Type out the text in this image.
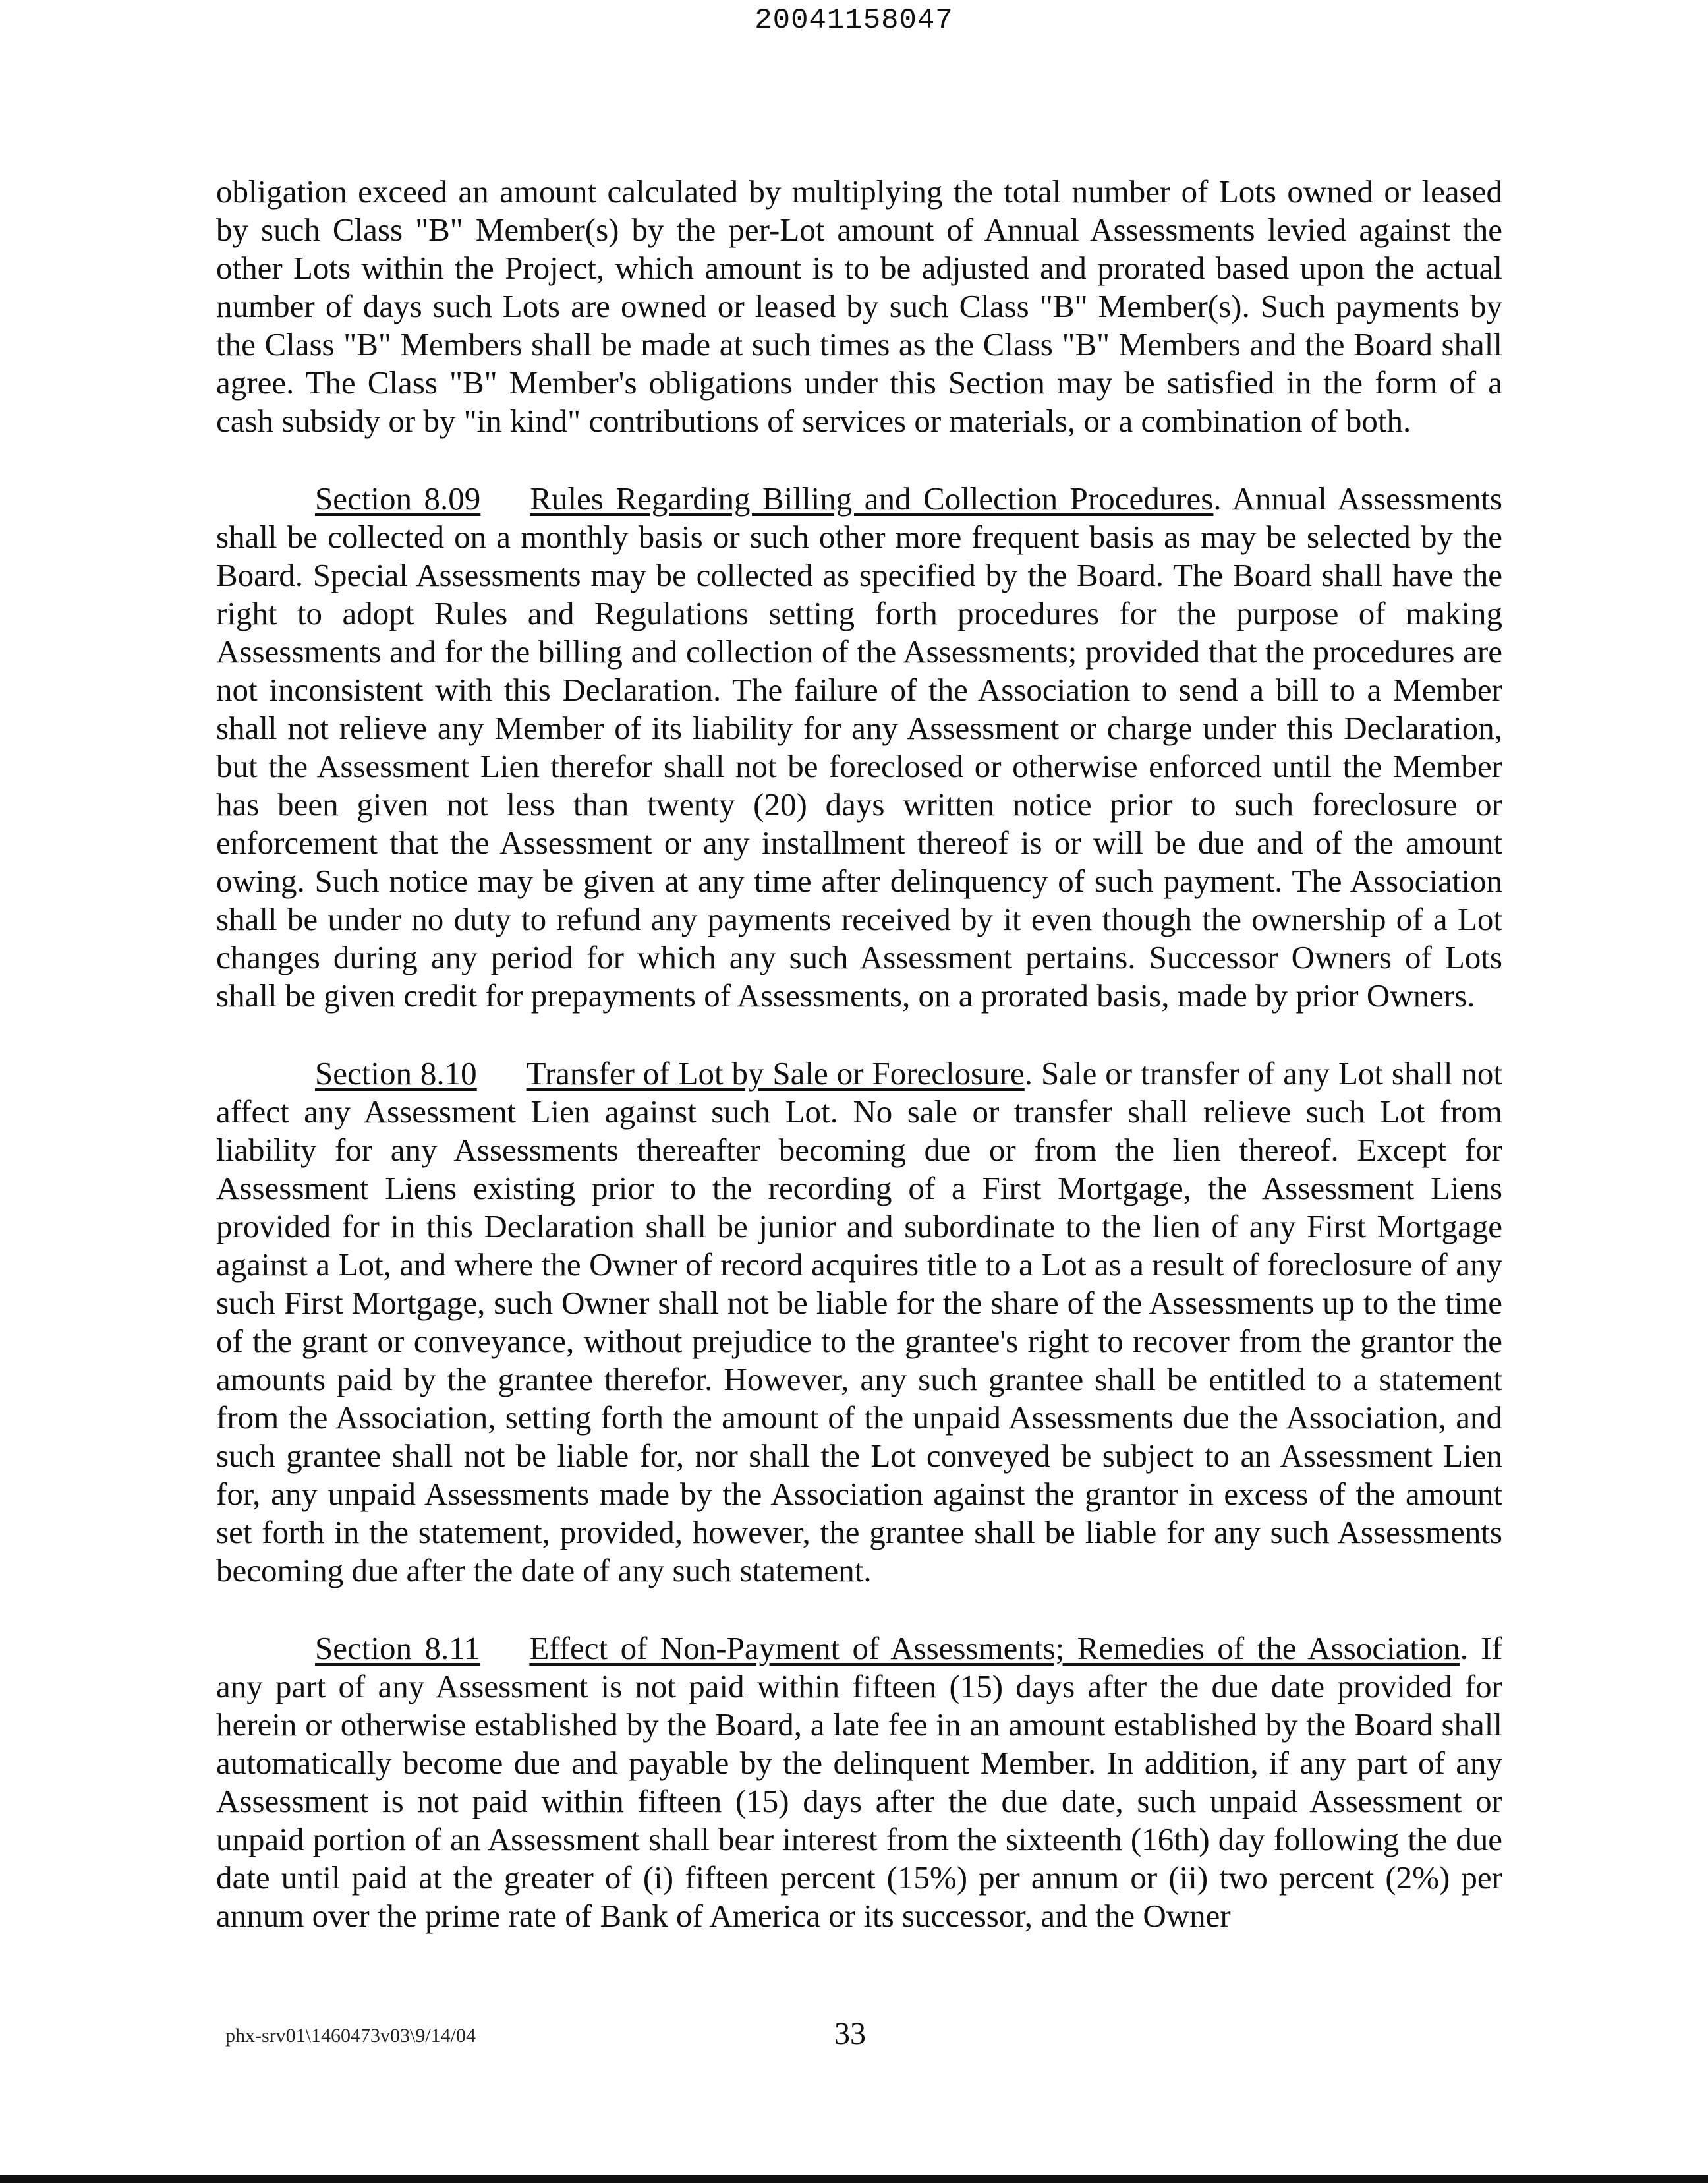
20041158047

obligation exceed an amount calculated by multiplying the total number of Lots owned or leased by such Class "B" Member(s) by the per-Lot amount of Annual Assessments levied against the other Lots within the Project, which amount is to be adjusted and prorated based upon the actual number of days such Lots are owned or leased by such Class "B" Member(s). Such payments by the Class "B" Members shall be made at such times as the Class "B" Members and the Board shall agree. The Class "B" Member's obligations under this Section may be satisfied in the form of a cash subsidy or by "in kind" contributions of services or materials, or a combination of both.

Section 8.09 Rules Regarding Billing and Collection Procedures. Annual Assessments shall be collected on a monthly basis or such other more frequent basis as may be selected by the Board. Special Assessments may be collected as specified by the Board. The Board shall have the right to adopt Rules and Regulations setting forth procedures for the purpose of making Assessments and for the billing and collection of the Assessments; provided that the procedures are not inconsistent with this Declaration. The failure of the Association to send a bill to a Member shall not relieve any Member of its liability for any Assessment or charge under this Declaration, but the Assessment Lien therefor shall not be foreclosed or otherwise enforced until the Member has been given not less than twenty (20) days written notice prior to such foreclosure or enforcement that the Assessment or any installment thereof is or will be due and of the amount owing. Such notice may be given at any time after delinquency of such payment. The Association shall be under no duty to refund any payments received by it even though the ownership of a Lot changes during any period for which any such Assessment pertains. Successor Owners of Lots shall be given credit for prepayments of Assessments, on a prorated basis, made by prior Owners.

Section 8.10 Transfer of Lot by Sale or Foreclosure. Sale or transfer of any Lot shall not affect any Assessment Lien against such Lot. No sale or transfer shall relieve such Lot from liability for any Assessments thereafter becoming due or from the lien thereof. Except for Assessment Liens existing prior to the recording of a First Mortgage, the Assessment Liens provided for in this Declaration shall be junior and subordinate to the lien of any First Mortgage against a Lot, and where the Owner of record acquires title to a Lot as a result of foreclosure of any such First Mortgage, such Owner shall not be liable for the share of the Assessments up to the time of the grant or conveyance, without prejudice to the grantee's right to recover from the grantor the amounts paid by the grantee therefor. However, any such grantee shall be entitled to a statement from the Association, setting forth the amount of the unpaid Assessments due the Association, and such grantee shall not be liable for, nor shall the Lot conveyed be subject to an Assessment Lien for, any unpaid Assessments made by the Association against the grantor in excess of the amount set forth in the statement, provided, however, the grantee shall be liable for any such Assessments becoming due after the date of any such statement.

Section 8.11 Effect of Non-Payment of Assessments; Remedies of the Association. If any part of any Assessment is not paid within fifteen (15) days after the due date provided for herein or otherwise established by the Board, a late fee in an amount established by the Board shall automatically become due and payable by the delinquent Member. In addition, if any part of any Assessment is not paid within fifteen (15) days after the due date, such unpaid Assessment or unpaid portion of an Assessment shall bear interest from the sixteenth (16th) day following the due date until paid at the greater of (i) fifteen percent (15%) per annum or (ii) two percent (2%) per annum over the prime rate of Bank of America or its successor, and the Owner

phx-srv01\1460473v03\9/14/04	33
